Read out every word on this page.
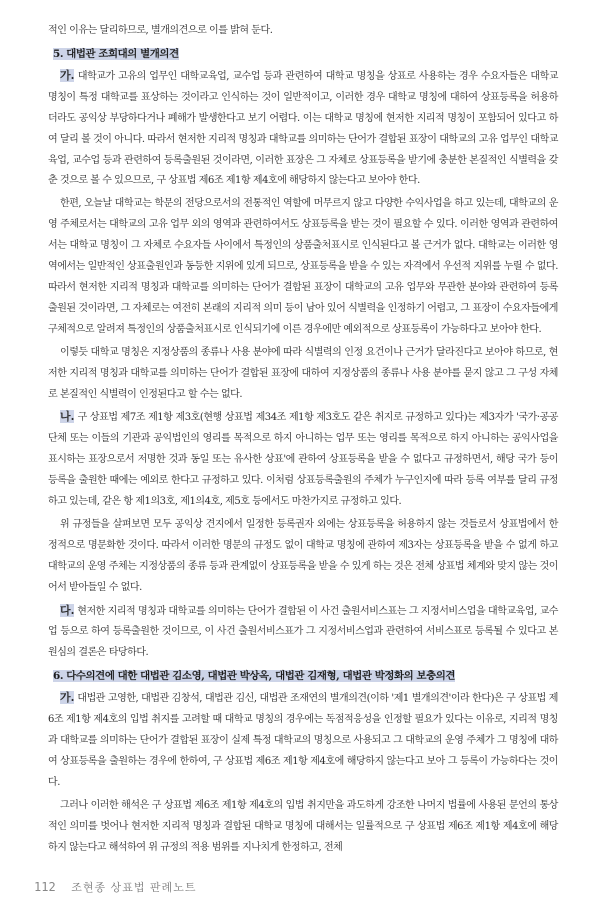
적인 이유는 달리하므로, 별개의견으로 이를 밝혀 둔다.

5. 대법관 조희대의 별개의견

가. 대학교가 고유의 업무인 대학교육업, 교수업 등과 관련하여 대학교 명칭을 상표로 사용하는 경우 수요자들은 대학교 명칭이 특정 대학교를 표상하는 것이라고 인식하는 것이 일반적이고, 이러한 경우 대학교 명칭에 대하여 상표등록을 허용하더라도 공익상 부당하다거나 폐해가 발생한다고 보기 어렵다. 이는 대학교 명칭에 현저한 지리적 명칭이 포함되어 있다고 하여 달리 볼 것이 아니다. 따라서 현저한 지리적 명칭과 대학교를 의미하는 단어가 결합된 표장이 대학교의 고유 업무인 대학교육업, 교수업 등과 관련하여 등록출원된 것이라면, 이러한 표장은 그 자체로 상표등록을 받기에 충분한 본질적인 식별력을 갖춘 것으로 볼 수 있으므로, 구 상표법 제6조 제1항 제4호에 해당하지 않는다고 보아야 한다.

한편, 오늘날 대학교는 학문의 전당으로서의 전통적인 역할에 머무르지 않고 다양한 수익사업을 하고 있는데, 대학교의 운영 주체로서는 대학교의 고유 업무 외의 영역과 관련하여서도 상표등록을 받는 것이 필요할 수 있다. 이러한 영역과 관련하여서는 대학교 명칭이 그 자체로 수요자들 사이에서 특정인의 상품출처표시로 인식된다고 볼 근거가 없다. 대학교는 이러한 영역에서는 일반적인 상표출원인과 동등한 지위에 있게 되므로, 상표등록을 받을 수 있는 자격에서 우선적 지위를 누릴 수 없다. 따라서 현저한 지리적 명칭과 대학교를 의미하는 단어가 결합된 표장이 대학교의 고유 업무와 무관한 분야와 관련하여 등록출원된 것이라면, 그 자체로는 여전히 본래의 지리적 의미 등이 남아 있어 식별력을 인정하기 어렵고, 그 표장이 수요자들에게 구체적으로 알려져 특정인의 상품출처표시로 인식되기에 이른 경우에만 예외적으로 상표등록이 가능하다고 보아야 한다.

이렇듯 대학교 명칭은 지정상품의 종류나 사용 분야에 따라 식별력의 인정 요건이나 근거가 달라진다고 보아야 하므로, 현저한 지리적 명칭과 대학교를 의미하는 단어가 결합된 표장에 대하여 지정상품의 종류나 사용 분야를 묻지 않고 그 구성 자체로 본질적인 식별력이 인정된다고 할 수는 없다.

나. 구 상표법 제7조 제1항 제3호(현행 상표법 제34조 제1항 제3호도 같은 취지로 규정하고 있다)는 제3자가 '국가·공공단체 또는 이들의 기관과 공익법인의 영리를 목적으로 하지 아니하는 업무 또는 영리를 목적으로 하지 아니하는 공익사업을 표시하는 표장으로서 저명한 것과 동일 또는 유사한 상표'에 관하여 상표등록을 받을 수 없다고 규정하면서, 해당 국가 등이 등록을 출원한 때에는 예외로 한다고 규정하고 있다. 이처럼 상표등록출원의 주체가 누구인지에 따라 등록 여부를 달리 규정하고 있는데, 같은 항 제1의3호, 제1의4호, 제5호 등에서도 마찬가지로 규정하고 있다.

위 규정들을 살펴보면 모두 공익상 견지에서 일정한 등록권자 외에는 상표등록을 허용하지 않는 것들로서 상표법에서 한정적으로 명문화한 것이다. 따라서 이러한 명문의 규정도 없이 대학교 명칭에 관하여 제3자는 상표등록을 받을 수 없게 하고 대학교의 운영 주체는 지정상품의 종류 등과 관계없이 상표등록을 받을 수 있게 하는 것은 전체 상표법 체계와 맞지 않는 것이어서 받아들일 수 없다.

다. 현저한 지리적 명칭과 대학교를 의미하는 단어가 결합된 이 사건 출원서비스표는 그 지정서비스업을 대학교육업, 교수업 등으로 하여 등록출원한 것이므로, 이 사건 출원서비스표가 그 지정서비스업과 관련하여 서비스표로 등록될 수 있다고 본 원심의 결론은 타당하다.

6. 다수의견에 대한 대법관 김소영, 대법관 박상옥, 대법관 김재형, 대법관 박정화의 보충의견

가. 대법관 고영한, 대법관 김창석, 대법관 김신, 대법관 조재연의 별개의견(이하 '제1 별개의견'이라 한다)은 구 상표법 제6조 제1항 제4호의 입법 취지를 고려할 때 대학교 명칭의 경우에는 독점적응성을 인정할 필요가 있다는 이유로, 지리적 명칭과 대학교를 의미하는 단어가 결합된 표장이 실제 특정 대학교의 명칭으로 사용되고 그 대학교의 운영 주체가 그 명칭에 대하여 상표등록을 출원하는 경우에 한하여, 구 상표법 제6조 제1항 제4호에 해당하지 않는다고 보아 그 등록이 가능하다는 것이다.

그러나 이러한 해석은 구 상표법 제6조 제1항 제4호의 입법 취지만을 과도하게 강조한 나머지 법률에 사용된 문언의 통상적인 의미를 벗어나 현저한 지리적 명칭과 결합된 대학교 명칭에 대해서는 일률적으로 구 상표법 제6조 제1항 제4호에 해당하지 않는다고 해석하여 위 규정의 적용 범위를 지나치게 한정하고, 전체

112 조현종 상표법 판례노트
